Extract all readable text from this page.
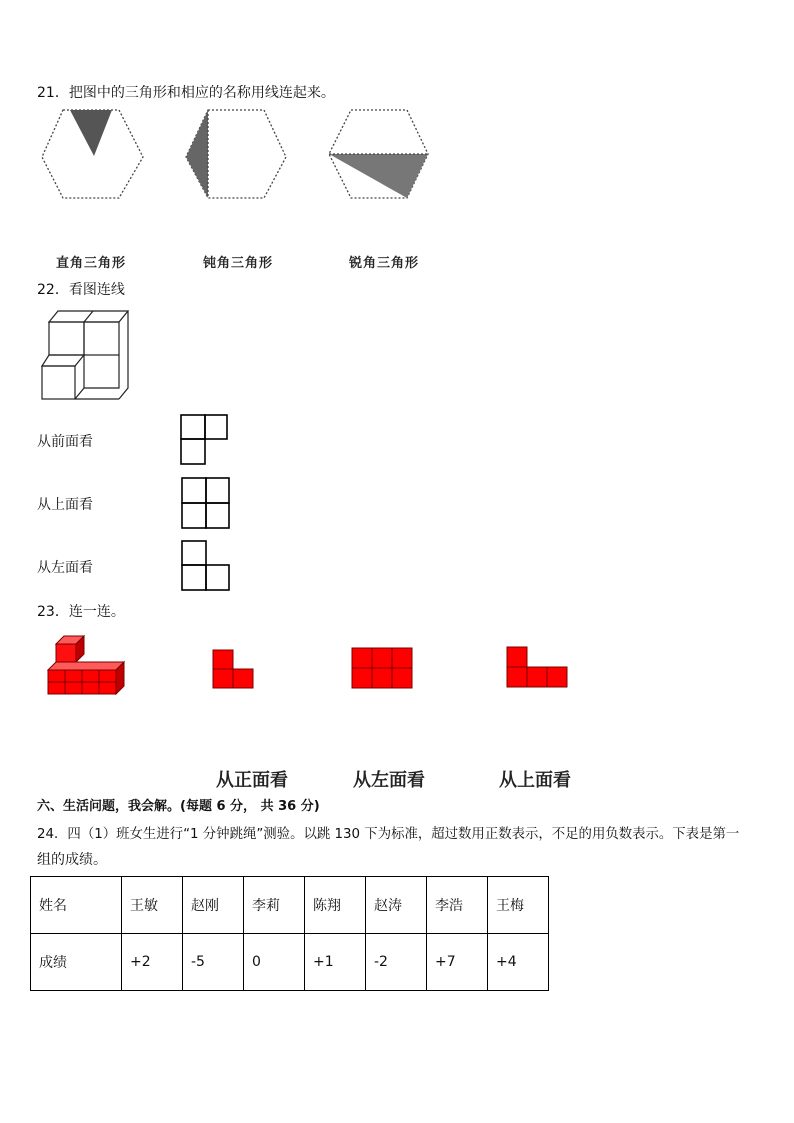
21．把图中的三角形和相应的名称用线连起来。
直角三角形	钝角三角形	锐角三角形
22．看图连线
从前面看
从上面看
从左面看
23．连一连。
从正面看	从左面看	从上面看
六、生活问题，我会解。(每题 6 分， 共 36 分)
24．四（1）班女生进行“1 分钟跳绳”测验。以跳 130 下为标准，超过数用正数表示，不足的用负数表示。下表是第一
组的成绩。
姓名	王敏	赵刚	李莉	陈翔	赵涛	李浩	王梅
成绩	+2	-5	0	+1	-2	+7	+4
